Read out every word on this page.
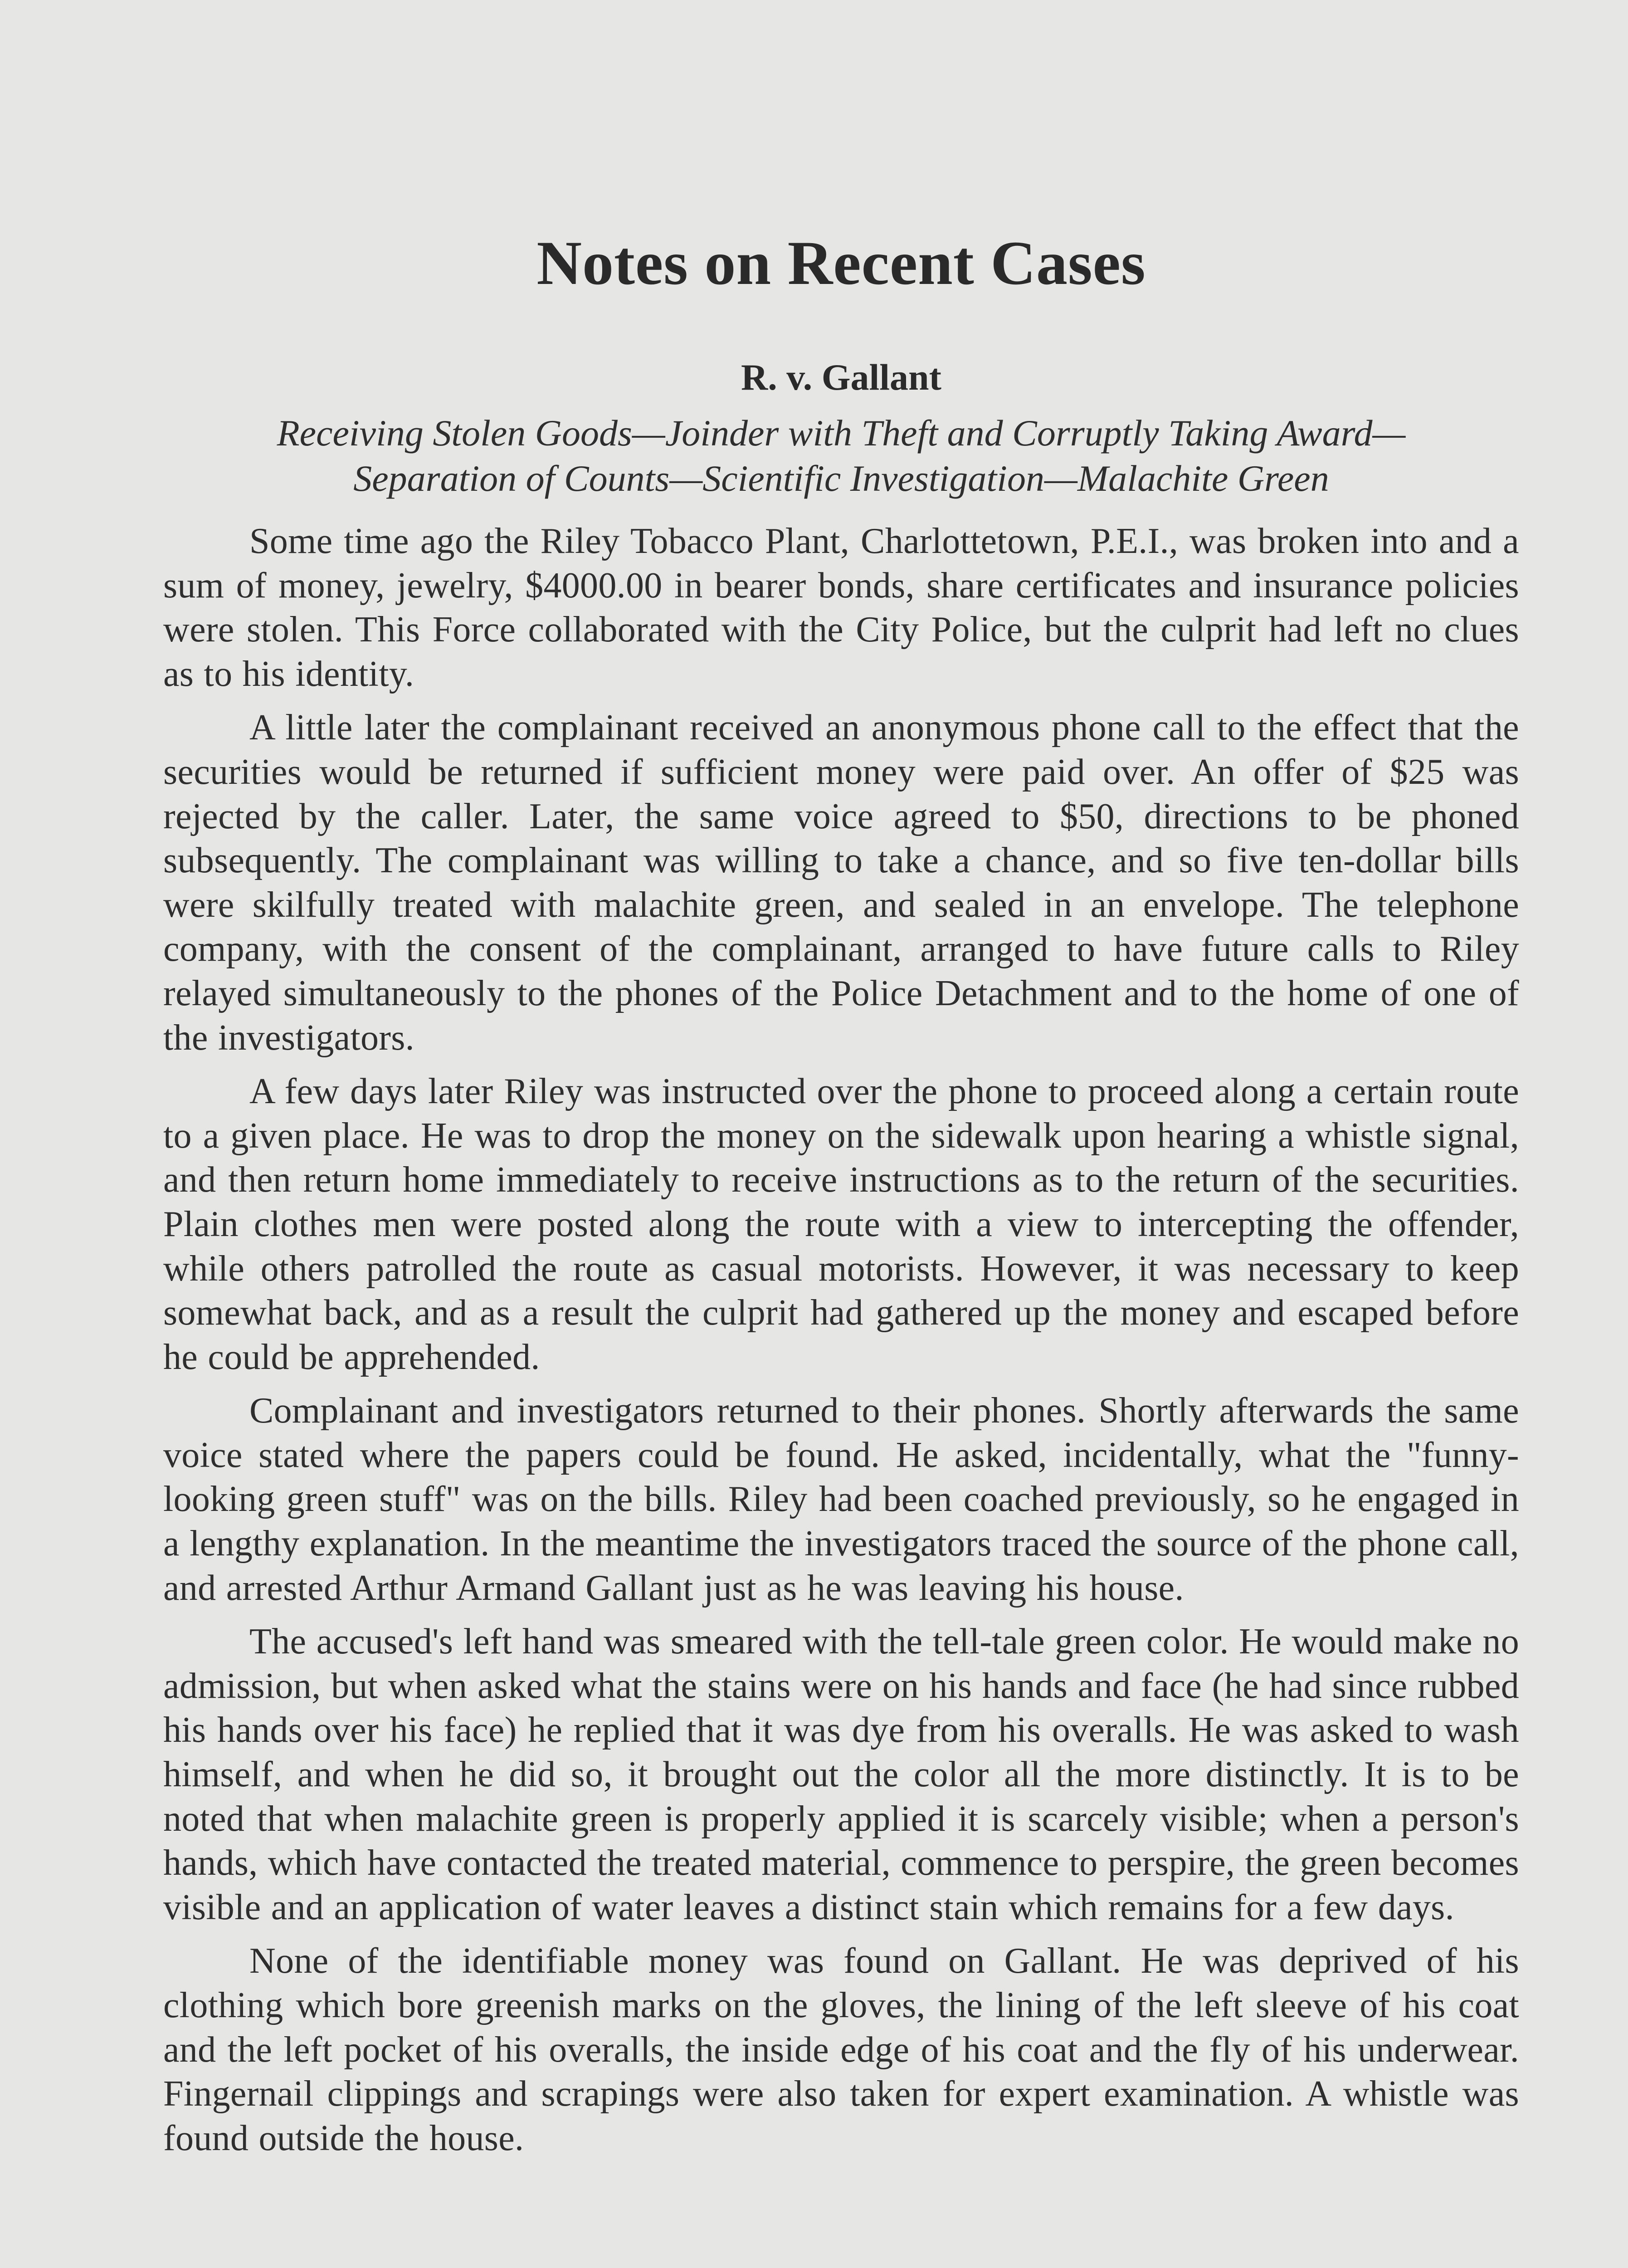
Notes on Recent Cases
R. v. Gallant
Receiving Stolen Goods—Joinder with Theft and Corruptly Taking Award—
Separation of Counts—Scientific Investigation—Malachite Green

Some time ago the Riley Tobacco Plant, Charlottetown, P.E.I., was broken into and a sum of money, jewelry, $4000.00 in bearer bonds, share certificates and insurance policies were stolen. This Force collaborated with the City Police, but the culprit had left no clues as to his identity.

A little later the complainant received an anonymous phone call to the effect that the securities would be returned if sufficient money were paid over. An offer of $25 was rejected by the caller. Later, the same voice agreed to $50, directions to be phoned subsequently. The complainant was willing to take a chance, and so five ten-dollar bills were skilfully treated with malachite green, and sealed in an envelope. The telephone company, with the consent of the complainant, arranged to have future calls to Riley relayed simultaneously to the phones of the Police Detachment and to the home of one of the investigators.

A few days later Riley was instructed over the phone to proceed along a certain route to a given place. He was to drop the money on the sidewalk upon hearing a whistle signal, and then return home immediately to receive instructions as to the return of the securities. Plain clothes men were posted along the route with a view to intercepting the offender, while others patrolled the route as casual motorists. However, it was necessary to keep somewhat back, and as a result the culprit had gathered up the money and escaped before he could be apprehended.

Complainant and investigators returned to their phones. Shortly afterwards the same voice stated where the papers could be found. He asked, incidentally, what the "funny-looking green stuff" was on the bills. Riley had been coached previously, so he engaged in a lengthy explanation. In the meantime the investigators traced the source of the phone call, and arrested Arthur Armand Gallant just as he was leaving his house.

The accused's left hand was smeared with the tell-tale green color. He would make no admission, but when asked what the stains were on his hands and face (he had since rubbed his hands over his face) he replied that it was dye from his overalls. He was asked to wash himself, and when he did so, it brought out the color all the more distinctly. It is to be noted that when malachite green is properly applied it is scarcely visible; when a person's hands, which have contacted the treated material, commence to perspire, the green becomes visible and an application of water leaves a distinct stain which remains for a few days.

None of the identifiable money was found on Gallant. He was deprived of his clothing which bore greenish marks on the gloves, the lining of the left sleeve of his coat and the left pocket of his overalls, the inside edge of his coat and the fly of his underwear. Fingernail clippings and scrapings were also taken for expert examination. A whistle was found outside the house.
